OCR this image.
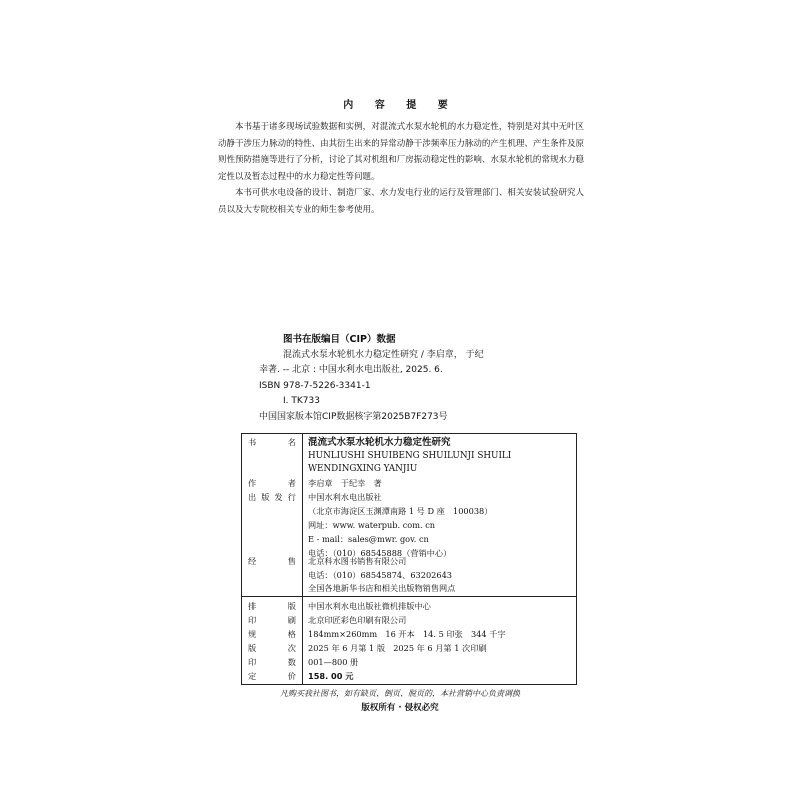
内 容 提 要

本书基于诸多现场试验数据和实例，对混流式水泵水轮机的水力稳定性，特别是对其中无叶区动静干涉压力脉动的特性、由其衍生出来的异常动静干涉频率压力脉动的产生机理、产生条件及原则性预防措施等进行了分析，讨论了其对机组和厂房振动稳定性的影响、水泵水轮机的常规水力稳定性以及暂态过程中的水力稳定性等问题。

本书可供水电设备的设计、制造厂家、水力发电行业的运行及管理部门、相关安装试验研究人员以及大专院校相关专业的师生参考使用。

图书在版编目（CIP）数据
混流式水泵水轮机水力稳定性研究 / 李启章， 于纪
幸著. -- 北京 : 中国水利水电出版社, 2025. 6.
ISBN 978-7-5226-3341-1
Ⅰ. TK733
中国国家版本馆CIP数据核字第2025B7F273号
书	名 混流式水泵水轮机水力稳定性研究
HUNLIUSHI SHUIBENG SHUILUNJI SHUILI
WENDINGXING YANJIU
作	者 李启章　于纪幸　著
出 版 发 行 中国水利水电出版社
（北京市海淀区玉渊潭南路 1 号 D 座　100038）
网址：www. waterpub. com. cn
E - mail：sales@mwr. gov. cn
电话：（010）68545888（营销中心）
经	售 北京科水图书销售有限公司
电话：（010）68545874、63202643
全国各地新华书店和相关出版物销售网点
排	版 中国水利水电出版社微机排版中心
印	刷 北京印匠彩色印刷有限公司
规	格 184mm×260mm　16 开本　14. 5 印张　344 千字
版	次 2025 年 6 月第 1 版　2025 年 6 月第 1 次印刷
印	数 001—800 册
定	价 158. 00 元
凡购买我社图书，如有缺页、倒页、脱页的，本社营销中心负责调换
版权所有 · 侵权必究
